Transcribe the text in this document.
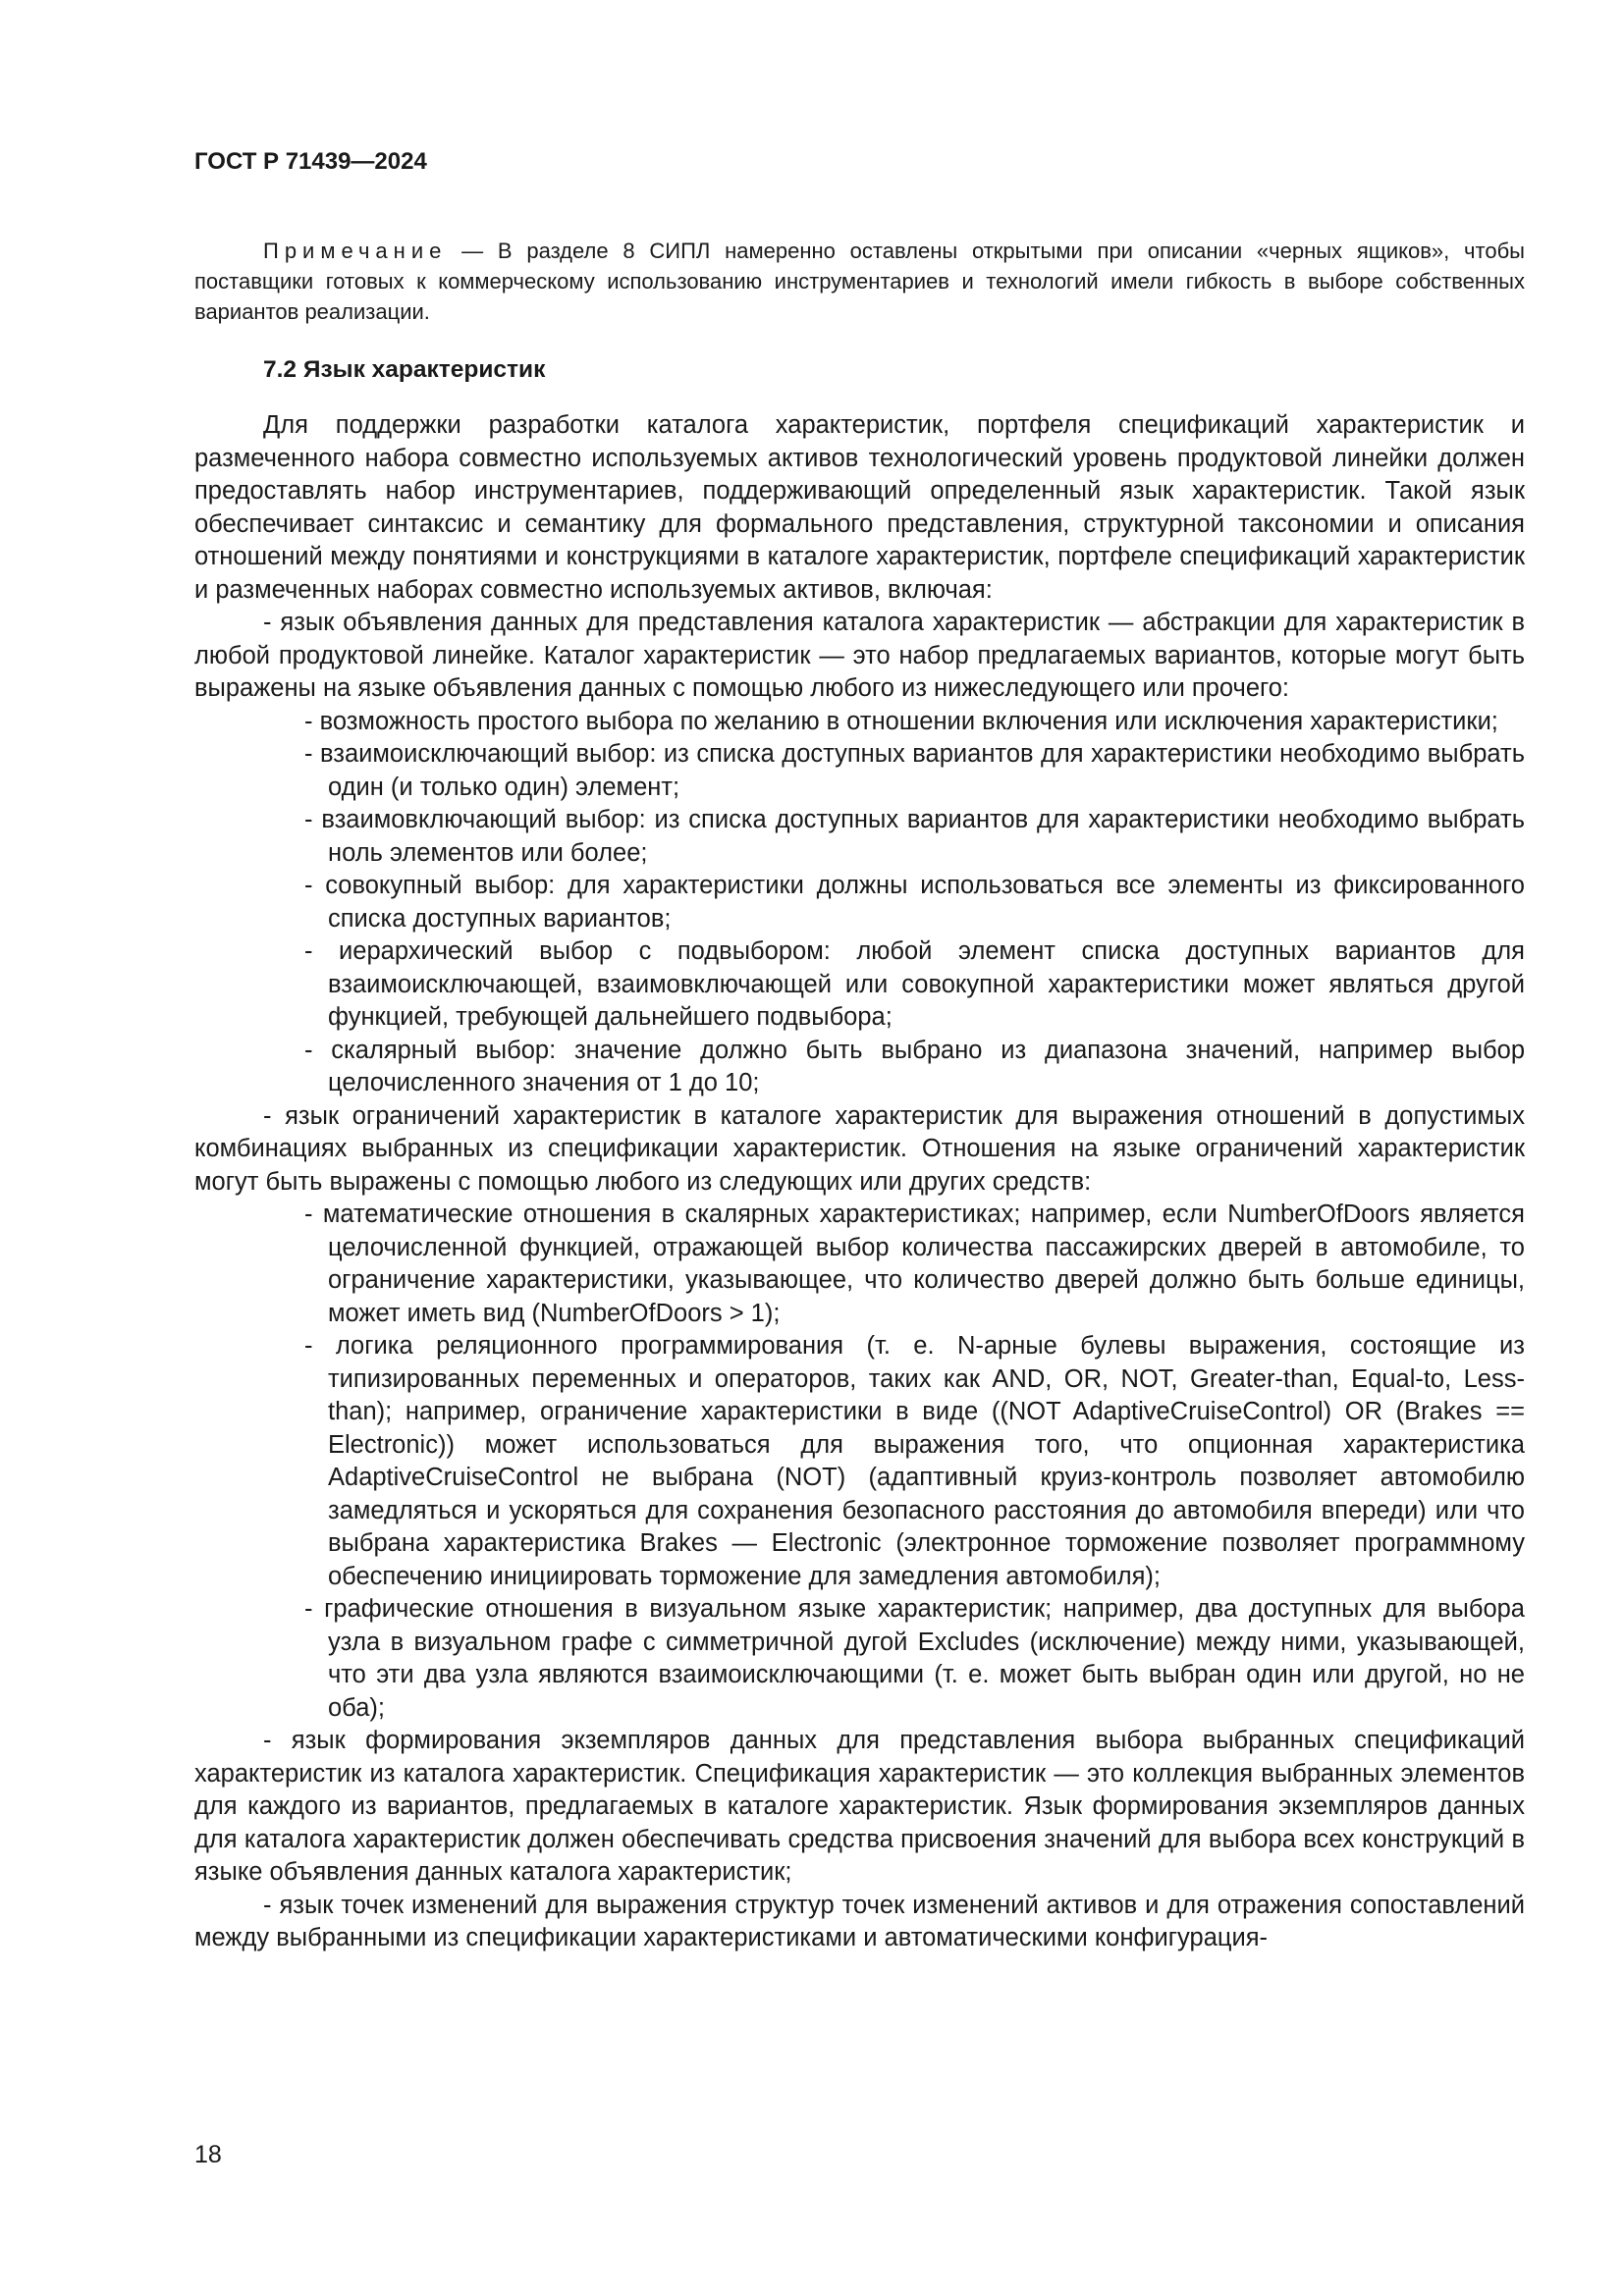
ГОСТ Р 71439—2024

Примечание — В разделе 8 СИПЛ намеренно оставлены открытыми при описании «черных ящиков», чтобы поставщики готовых к коммерческому использованию инструментариев и технологий имели гибкость в выборе собственных вариантов реализации.

7.2 Язык характеристик

Для поддержки разработки каталога характеристик, портфеля спецификаций характеристик и размеченного набора совместно используемых активов технологический уровень продуктовой линейки должен предоставлять набор инструментариев, поддерживающий определенный язык характеристик. Такой язык обеспечивает синтаксис и семантику для формального представления, структурной таксономии и описания отношений между понятиями и конструкциями в каталоге характеристик, портфеле спецификаций характеристик и размеченных наборах совместно используемых активов, включая:

- язык объявления данных для представления каталога характеристик — абстракции для характеристик в любой продуктовой линейке. Каталог характеристик — это набор предлагаемых вариантов, которые могут быть выражены на языке объявления данных с помощью любого из нижеследующего или прочего:

- возможность простого выбора по желанию в отношении включения или исключения характеристики;

- взаимоисключающий выбор: из списка доступных вариантов для характеристики необходимо выбрать один (и только один) элемент;

- взаимовключающий выбор: из списка доступных вариантов для характеристики необходимо выбрать ноль элементов или более;

- совокупный выбор: для характеристики должны использоваться все элементы из фиксированного списка доступных вариантов;

- иерархический выбор с подвыбором: любой элемент списка доступных вариантов для взаимоисключающей, взаимовключающей или совокупной характеристики может являться другой функцией, требующей дальнейшего подвыбора;

- скалярный выбор: значение должно быть выбрано из диапазона значений, например выбор целочисленного значения от 1 до 10;

- язык ограничений характеристик в каталоге характеристик для выражения отношений в допустимых комбинациях выбранных из спецификации характеристик. Отношения на языке ограничений характеристик могут быть выражены с помощью любого из следующих или других средств:

- математические отношения в скалярных характеристиках; например, если NumberOfDoors является целочисленной функцией, отражающей выбор количества пассажирских дверей в автомобиле, то ограничение характеристики, указывающее, что количество дверей должно быть больше единицы, может иметь вид (NumberOfDoors > 1);

- логика реляционного программирования (т. е. N-арные булевы выражения, состоящие из типизированных переменных и операторов, таких как AND, OR, NOT, Greater-than, Equal-to, Less-than); например, ограничение характеристики в виде ((NOT AdaptiveCruiseControl) OR (Brakes == Electronic)) может использоваться для выражения того, что опционная характеристика AdaptiveCruiseControl не выбрана (NOT) (адаптивный круиз-контроль позволяет автомобилю замедляться и ускоряться для сохранения безопасного расстояния до автомобиля впереди) или что выбрана характеристика Brakes — Electronic (электронное торможение позволяет программному обеспечению инициировать торможение для замедления автомобиля);

- графические отношения в визуальном языке характеристик; например, два доступных для выбора узла в визуальном графе с симметричной дугой Excludes (исключение) между ними, указывающей, что эти два узла являются взаимоисключающими (т. е. может быть выбран один или другой, но не оба);

- язык формирования экземпляров данных для представления выбора выбранных спецификаций характеристик из каталога характеристик. Спецификация характеристик — это коллекция выбранных элементов для каждого из вариантов, предлагаемых в каталоге характеристик. Язык формирования экземпляров данных для каталога характеристик должен обеспечивать средства присвоения значений для выбора всех конструкций в языке объявления данных каталога характеристик;

- язык точек изменений для выражения структур точек изменений активов и для отражения сопоставлений между выбранными из спецификации характеристиками и автоматическими конфигурация-

18
